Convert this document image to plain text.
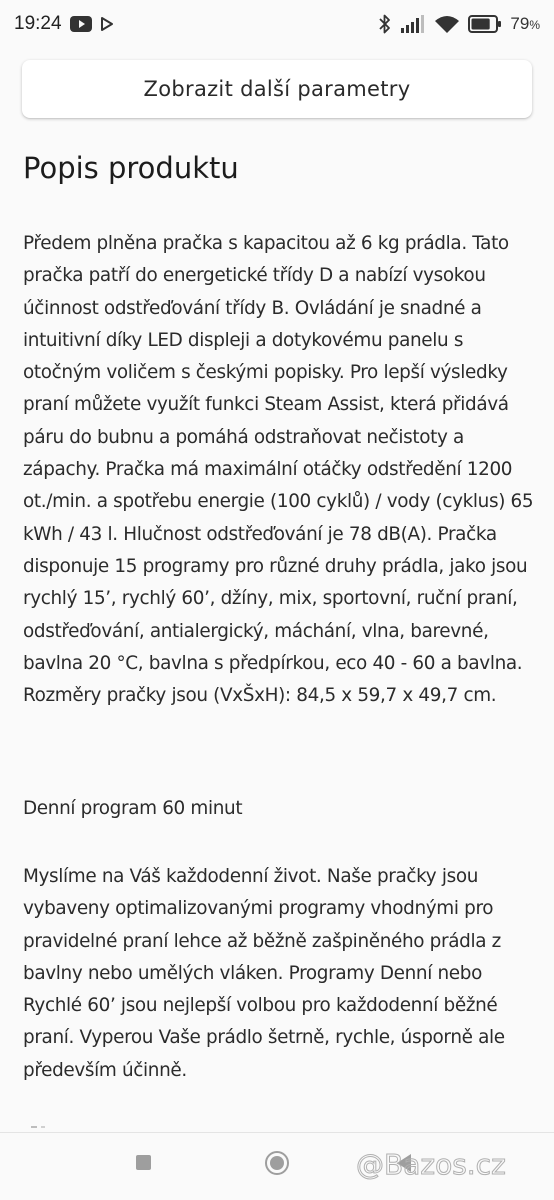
19:24	79%
Zobrazit další parametry
Popis produktu

Předem plněna pračka s kapacitou až 6 kg prádla. Tato pračka patří do energetické třídy D a nabízí vysokou účinnost odstřeďování třídy B. Ovládání je snadné a intuitivní díky LED displeji a dotykovému panelu s otočným voličem s českými popisky. Pro lepší výsledky praní můžete využít funkci Steam Assist, která přidává páru do bubnu a pomáhá odstraňovat nečistoty a zápachy. Pračka má maximální otáčky odstředění 1200 ot./min. a spotřebu energie (100 cyklů) / vody (cyklus) 65 kWh / 43 l. Hlučnost odstřeďování je 78 dB(A). Pračka disponuje 15 programy pro různé druhy prádla, jako jsou rychlý 15’, rychlý 60’, džíny, mix, sportovní, ruční praní, odstřeďování, antialergický, máchání, vlna, barevné, bavlna 20 °C, bavlna s předpírkou, eco 40 - 60 a bavlna. Rozměry pračky jsou (VxŠxH): 84,5 x 59,7 x 49,7 cm.

Denní program 60 minut

Myslíme na Váš každodenní život. Naše pračky jsou vybaveny optimalizovanými programy vhodnými pro pravidelné praní lehce až běžně zašpiněného prádla z bavlny nebo umělých vláken. Programy Denní nebo Rychlé 60’ jsou nejlepší volbou pro každodenní běžné praní. Vyperou Vaše prádlo šetrně, rychle, úsporně ale především účinně.

@Bazos.cz
